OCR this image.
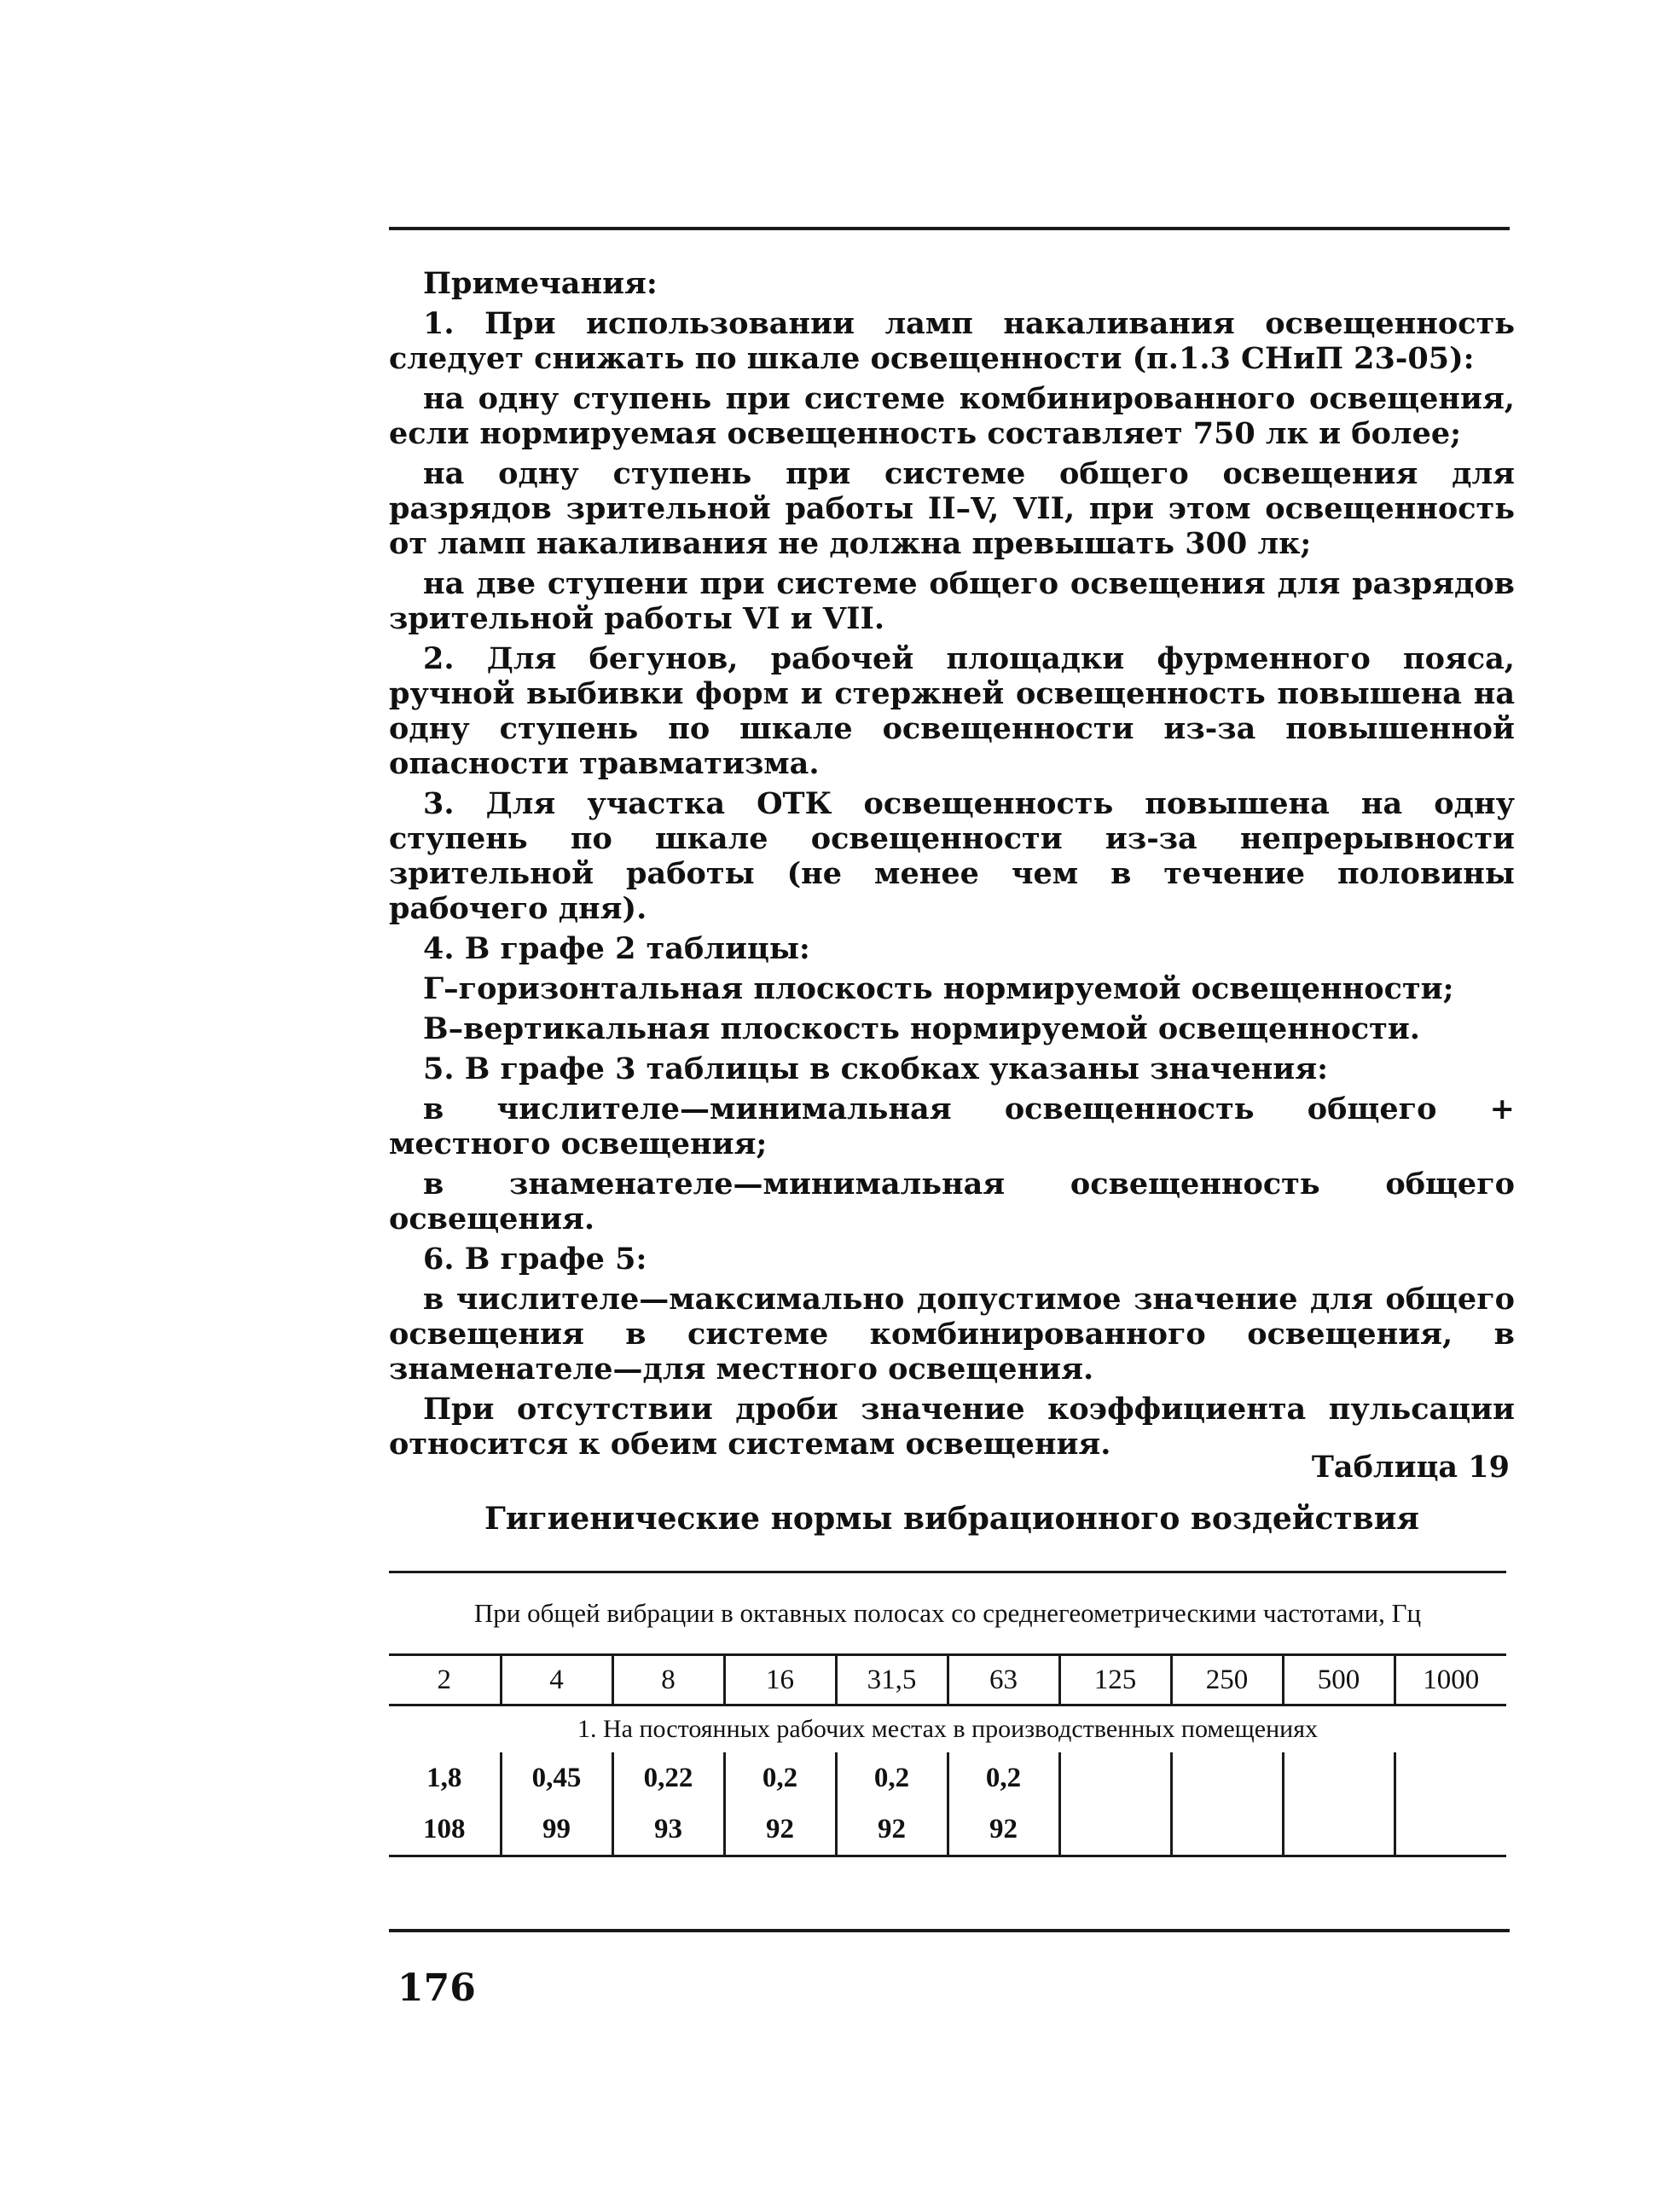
Примечания:

1. При использовании ламп накаливания освещенность следует снижать по шкале освещенности (п.1.3 СНиП 23-05):

на одну ступень при системе комбинированного освещения, если нормируемая освещенность составляет 750 лк и более;

на одну ступень при системе общего освещения для разрядов зрительной работы II–V, VII, при этом освещенность от ламп накаливания не должна превышать 300 лк;

на две ступени при системе общего освещения для разрядов зрительной работы VI и VII.

2. Для бегунов, рабочей площадки фурменного пояса, ручной выбивки форм и стержней освещенность повышена на одну ступень по шкале освещенности из-за повышенной опасности травматизма.

3. Для участка ОТК освещенность повышена на одну ступень по шкале освещенности из-за непрерывности зрительной работы (не менее чем в течение половины рабочего дня).

4. В графе 2 таблицы:

Г–горизонтальная плоскость нормируемой освещенности;

В–вертикальная плоскость нормируемой освещенности.

5. В графе 3 таблицы в скобках указаны значения:

в числителе—минимальная освещенность общего + местного освещения;

в знаменателе—минимальная освещенность общего освещения.

6. В графе 5:

в числителе—максимально допустимое значение для общего освещения в системе комбинированного освещения, в знаменателе—для местного освещения.

При отсутствии дроби значение коэффициента пульсации относится к обеим системам освещения.

Таблица 19
Гигиенические нормы вибрационного воздействия
При общей вибрации в октавных полосах со среднегеометрическими частотами, Гц									
2	4	8	16	31,5	63	125	250	500	1000
1. На постоянных рабочих местах в производственных помещениях									
1,8	0,45	0,22	0,2	0,2	0,2				
108	99	93	92	92	92				
176
